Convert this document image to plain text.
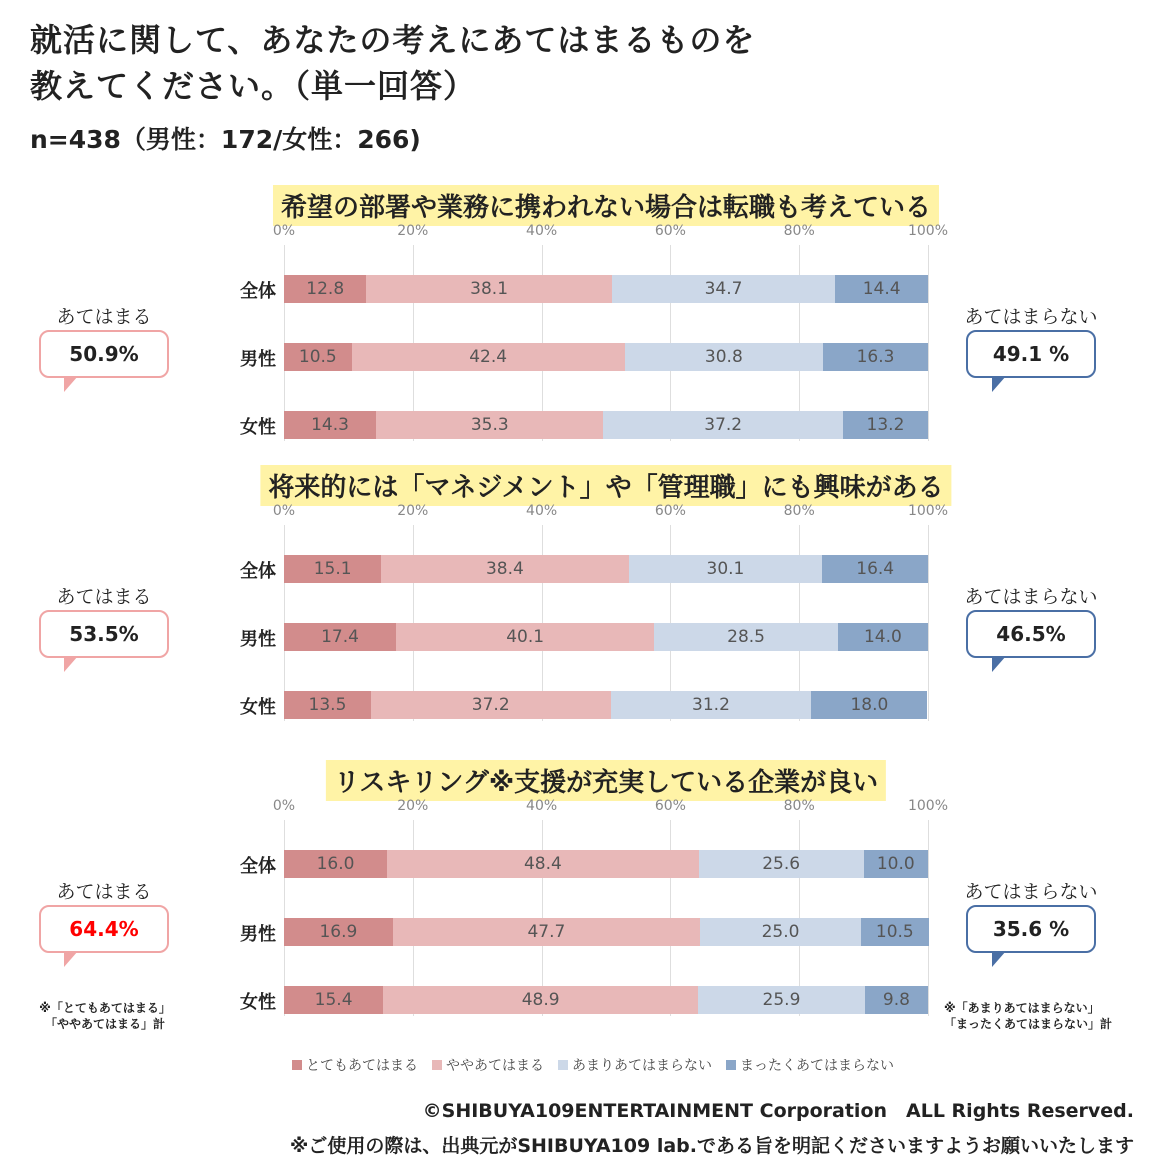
就活に関して、あなたの考えにあてはまるものを
教えてください。（単一回答）
n=438（男性：172/女性：266)
希望の部署や業務に携われない場合は転職も考えている
0%	20%	40%	60%	80%	100%
全体	12.8	38.1	34.7	14.4
男性	10.5	42.4	30.8	16.3
女性	14.3	35.3	37.2	13.2
あてはまる
50.9%
あてはまらない
49.1 %
将来的には「マネジメント」や「管理職」にも興味がある
0%	20%	40%	60%	80%	100%
全体	15.1	38.4	30.1	16.4
男性	17.4	40.1	28.5	14.0
女性	13.5	37.2	31.2	18.0
あてはまる
53.5%
あてはまらない
46.5%
リスキリング※支援が充実している企業が良い
0%	20%	40%	60%	80%	100%
全体	16.0	48.4	25.6	10.0
男性	16.9	47.7	25.0	10.5
女性	15.4	48.9	25.9	9.8
あてはまる
64.4%
あてはまらない
35.6 %
とてもあてはまる ややあてはまる あまりあてはまらない まったくあてはまらない
※「とてもあてはまる」
「ややあてはまる」計
※「あまりあてはまらない」
「まったくあてはまらない」計
©SHIBUYA109ENTERTAINMENT Corporation　ALL Rights Reserved.
※ご使用の際は、出典元がSHIBUYA109 lab.である旨を明記くださいますようお願いいたします
